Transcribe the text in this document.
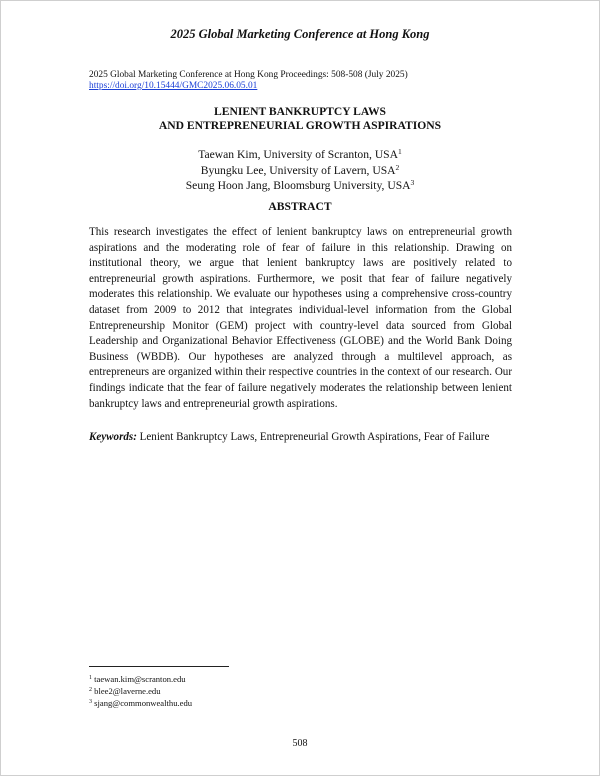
2025 Global Marketing Conference at Hong Kong
2025 Global Marketing Conference at Hong Kong Proceedings: 508-508 (July 2025)
https://doi.org/10.15444/GMC2025.06.05.01
LENIENT BANKRUPTCY LAWS
AND ENTREPRENEURIAL GROWTH ASPIRATIONS
Taewan Kim, University of Scranton, USA$^1$
Byungku Lee, University of Lavern, USA$^2$
Seung Hoon Jang, Bloomsburg University, USA$^3$
ABSTRACT

This research investigates the effect of lenient bankruptcy laws on entrepreneurial growth aspirations and the moderating role of fear of failure in this relationship. Drawing on institutional theory, we argue that lenient bankruptcy laws are positively related to entrepreneurial growth aspirations. Furthermore, we posit that fear of failure negatively moderates this relationship. We evaluate our hypotheses using a comprehensive cross-country dataset from 2009 to 2012 that integrates individual-level information from the Global Entrepreneurship Monitor (GEM) project with country-level data sourced from Global Leadership and Organizational Behavior Effectiveness (GLOBE) and the World Bank Doing Business (WBDB). Our hypotheses are analyzed through a multilevel approach, as entrepreneurs are organized within their respective countries in the context of our research. Our findings indicate that the fear of failure negatively moderates the relationship between lenient bankruptcy laws and entrepreneurial growth aspirations.

Keywords: Lenient Bankruptcy Laws, Entrepreneurial Growth Aspirations, Fear of Failure
$^1$ taewan.kim@scranton.edu
$^2$ blee2@laverne.edu
$^3$ sjang@commonwealthu.edu
508
